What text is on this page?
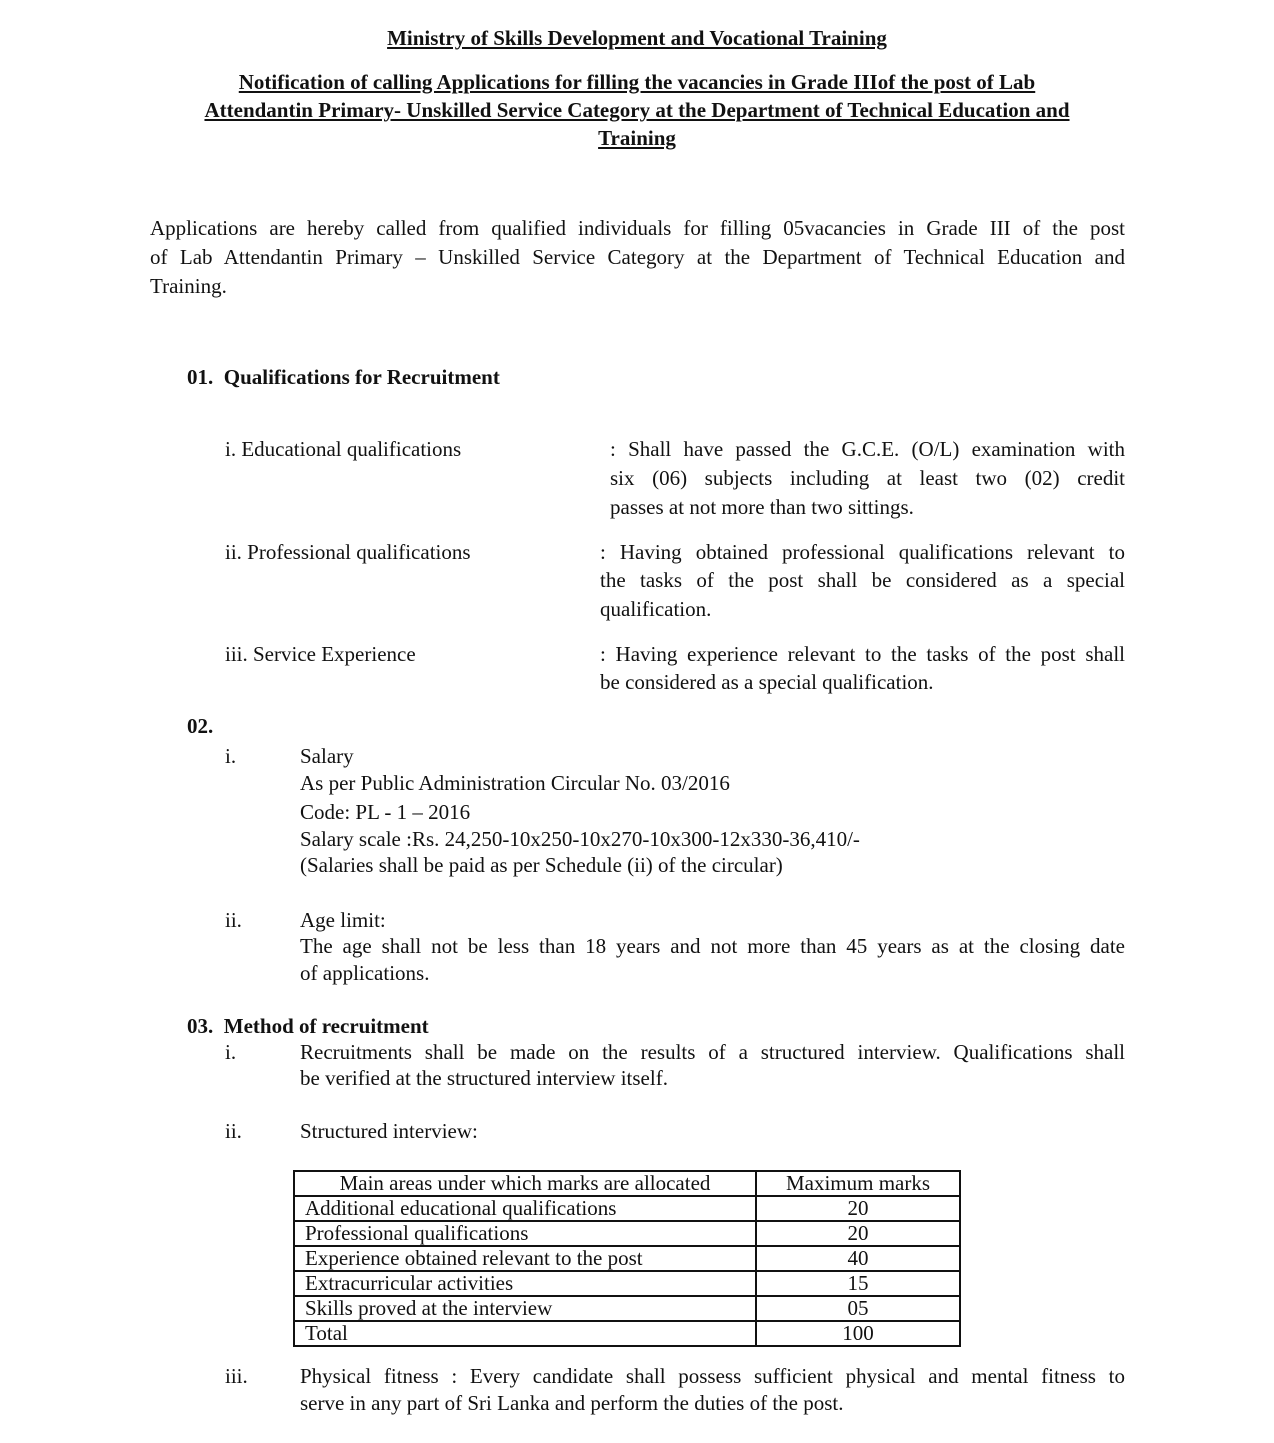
Ministry of Skills Development and Vocational Training
Notification of calling Applications for filling the vacancies in Grade IIIof the post of Lab
Attendantin Primary- Unskilled Service Category at the Department of Technical Education and
Training
Applications are hereby called from qualified individuals for filling 05vacancies in Grade III of the post
of Lab Attendantin Primary – Unskilled Service Category at the Department of Technical Education and
Training.
01.  Qualifications for Recruitment
i. Educational qualifications	: Shall have passed the G.C.E. (O/L) examination with
six (06) subjects including at least two (02) credit
passes at not more than two sittings.
ii. Professional qualifications	: Having obtained professional qualifications relevant to
the tasks of the post shall be considered as a special
qualification.
iii. Service Experience	: Having experience relevant to the tasks of the post shall
be considered as a special qualification.
02.
i.	Salary
As per Public Administration Circular No. 03/2016
Code: PL - 1 – 2016
Salary scale :Rs. 24,250-10x250-10x270-10x300-12x330-36,410/-
(Salaries shall be paid as per Schedule (ii) of the circular)
ii.	Age limit:
The age shall not be less than 18 years and not more than 45 years as at the closing date
of applications.
03.  Method of recruitment
i.	Recruitments shall be made on the results of a structured interview. Qualifications shall
be verified at the structured interview itself.
ii.	Structured interview:
Main areas under which marks are allocated	Maximum marks
Additional educational qualifications	20
Professional qualifications	20
Experience obtained relevant to the post	40
Extracurricular activities	15
Skills proved at the interview	05
Total	100
iii. Physical fitness : Every candidate shall possess sufficient physical and mental fitness to
serve in any part of Sri Lanka and perform the duties of the post.
